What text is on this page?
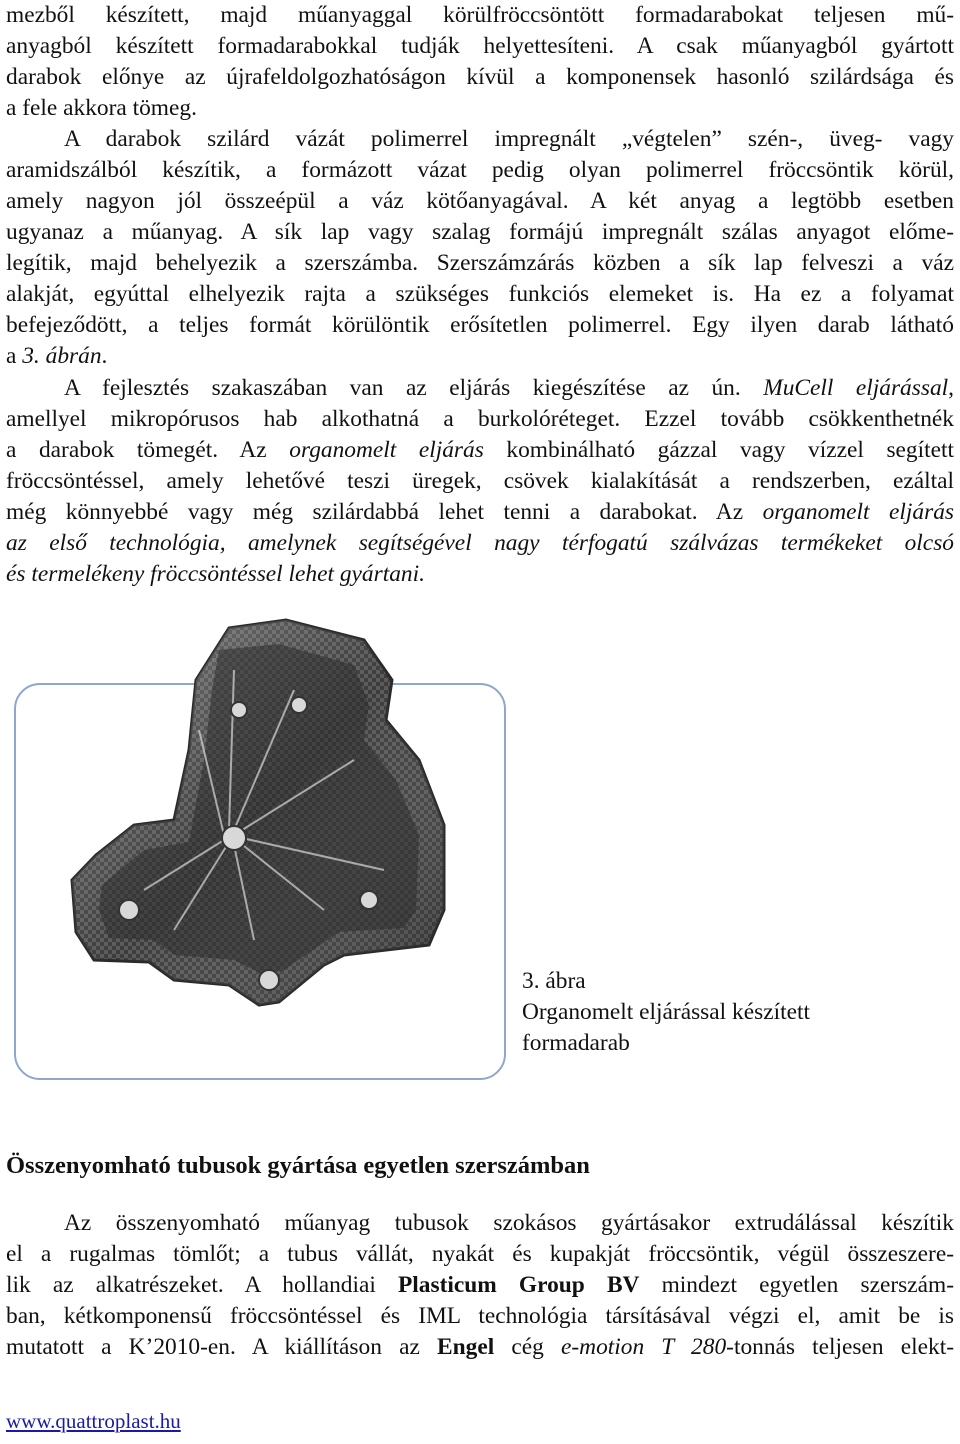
mezből készített, majd műanyaggal körülfröccsöntött formadarabokat teljesen mű-
anyagból készített formadarabokkal tudják helyettesíteni. A csak műanyagból gyártott
darabok előnye az újrafeldolgozhatóságon kívül a komponensek hasonló szilárdsága és
a fele akkora tömeg.
A darabok szilárd vázát polimerrel impregnált „végtelen” szén-, üveg- vagy
aramidszálból készítik, a formázott vázat pedig olyan polimerrel fröccsöntik körül,
amely nagyon jól összeépül a váz kötőanyagával. A két anyag a legtöbb esetben
ugyanaz a műanyag. A sík lap vagy szalag formájú impregnált szálas anyagot előme-
legítik, majd behelyezik a szerszámba. Szerszámzárás közben a sík lap felveszi a váz
alakját, egyúttal elhelyezik rajta a szükséges funkciós elemeket is. Ha ez a folyamat
befejeződött, a teljes formát körülöntik erősítetlen polimerrel. Egy ilyen darab látható
a 3. ábrán.
A fejlesztés szakaszában van az eljárás kiegészítése az ún. MuCell eljárással,
amellyel mikropórusos hab alkothatná a burkolóréteget. Ezzel tovább csökkenthetnék
a darabok tömegét. Az organomelt eljárás kombinálható gázzal vagy vízzel segített
fröccsöntéssel, amely lehetővé teszi üregek, csövek kialakítását a rendszerben, ezáltal
még könnyebbé vagy még szilárdabbá lehet tenni a darabokat. Az organomelt eljárás
az első technológia, amelynek segítségével nagy térfogatú szálvázas termékeket olcsó
és termelékeny fröccsöntéssel lehet gyártani.
3. ábra
Organomelt eljárással készített
formadarab
Összenyomható tubusok gyártása egyetlen szerszámban
Az összenyomható műanyag tubusok szokásos gyártásakor extrudálással készítik
el a rugalmas tömlőt; a tubus vállát, nyakát és kupakját fröccsöntik, végül összeszere-
lik az alkatrészeket. A hollandiai Plasticum Group BV mindezt egyetlen szerszám-
ban, kétkomponensű fröccsöntéssel és IML technológia társításával végzi el, amit be is
mutatott a K’2010-en. A kiállításon az Engel cég e-motion T 280-tonnás teljesen elekt-
www.quattroplast.hu
